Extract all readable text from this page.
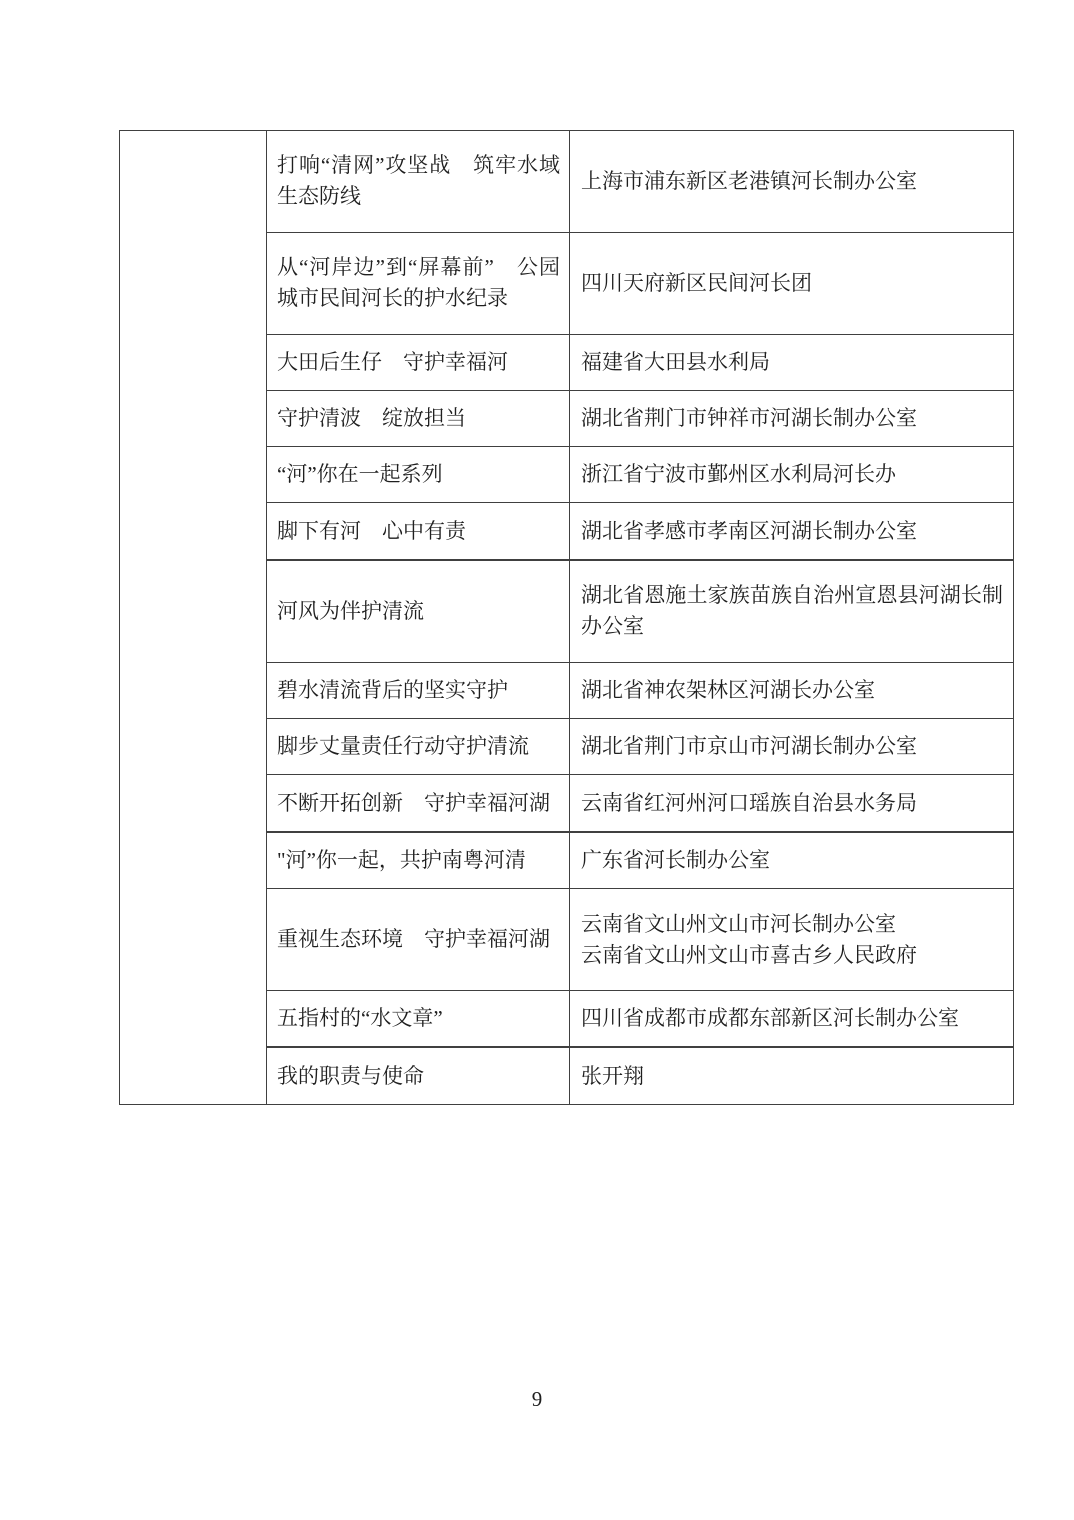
	打响“清网”攻坚战　筑牢水域生态防线	上海市浦东新区老港镇河长制办公室

	从“河岸边”到“屏幕前”　公园城市民间河长的护水纪录	四川天府新区民间河长团

	大田后生仔　守护幸福河	福建省大田县水利局

	守护清波　绽放担当	湖北省荆门市钟祥市河湖长制办公室

	“河”你在一起系列	浙江省宁波市鄞州区水利局河长办

	脚下有河　心中有责	湖北省孝感市孝南区河湖长制办公室

	河风为伴护清流	湖北省恩施土家族苗族自治州宣恩县河湖长制办公室

	碧水清流背后的坚实守护	湖北省神农架林区河湖长办公室

	脚步丈量责任行动守护清流	湖北省荆门市京山市河湖长制办公室

	不断开拓创新　守护幸福河湖	云南省红河州河口瑶族自治县水务局

	"河”你一起，共护南粤河清	广东省河长制办公室

	重视生态环境　守护幸福河湖	云南省文山州文山市河长制办公室
云南省文山州文山市喜古乡人民政府

	五指村的“水文章”	四川省成都市成都东部新区河长制办公室

	我的职责与使命	张开翔
9
